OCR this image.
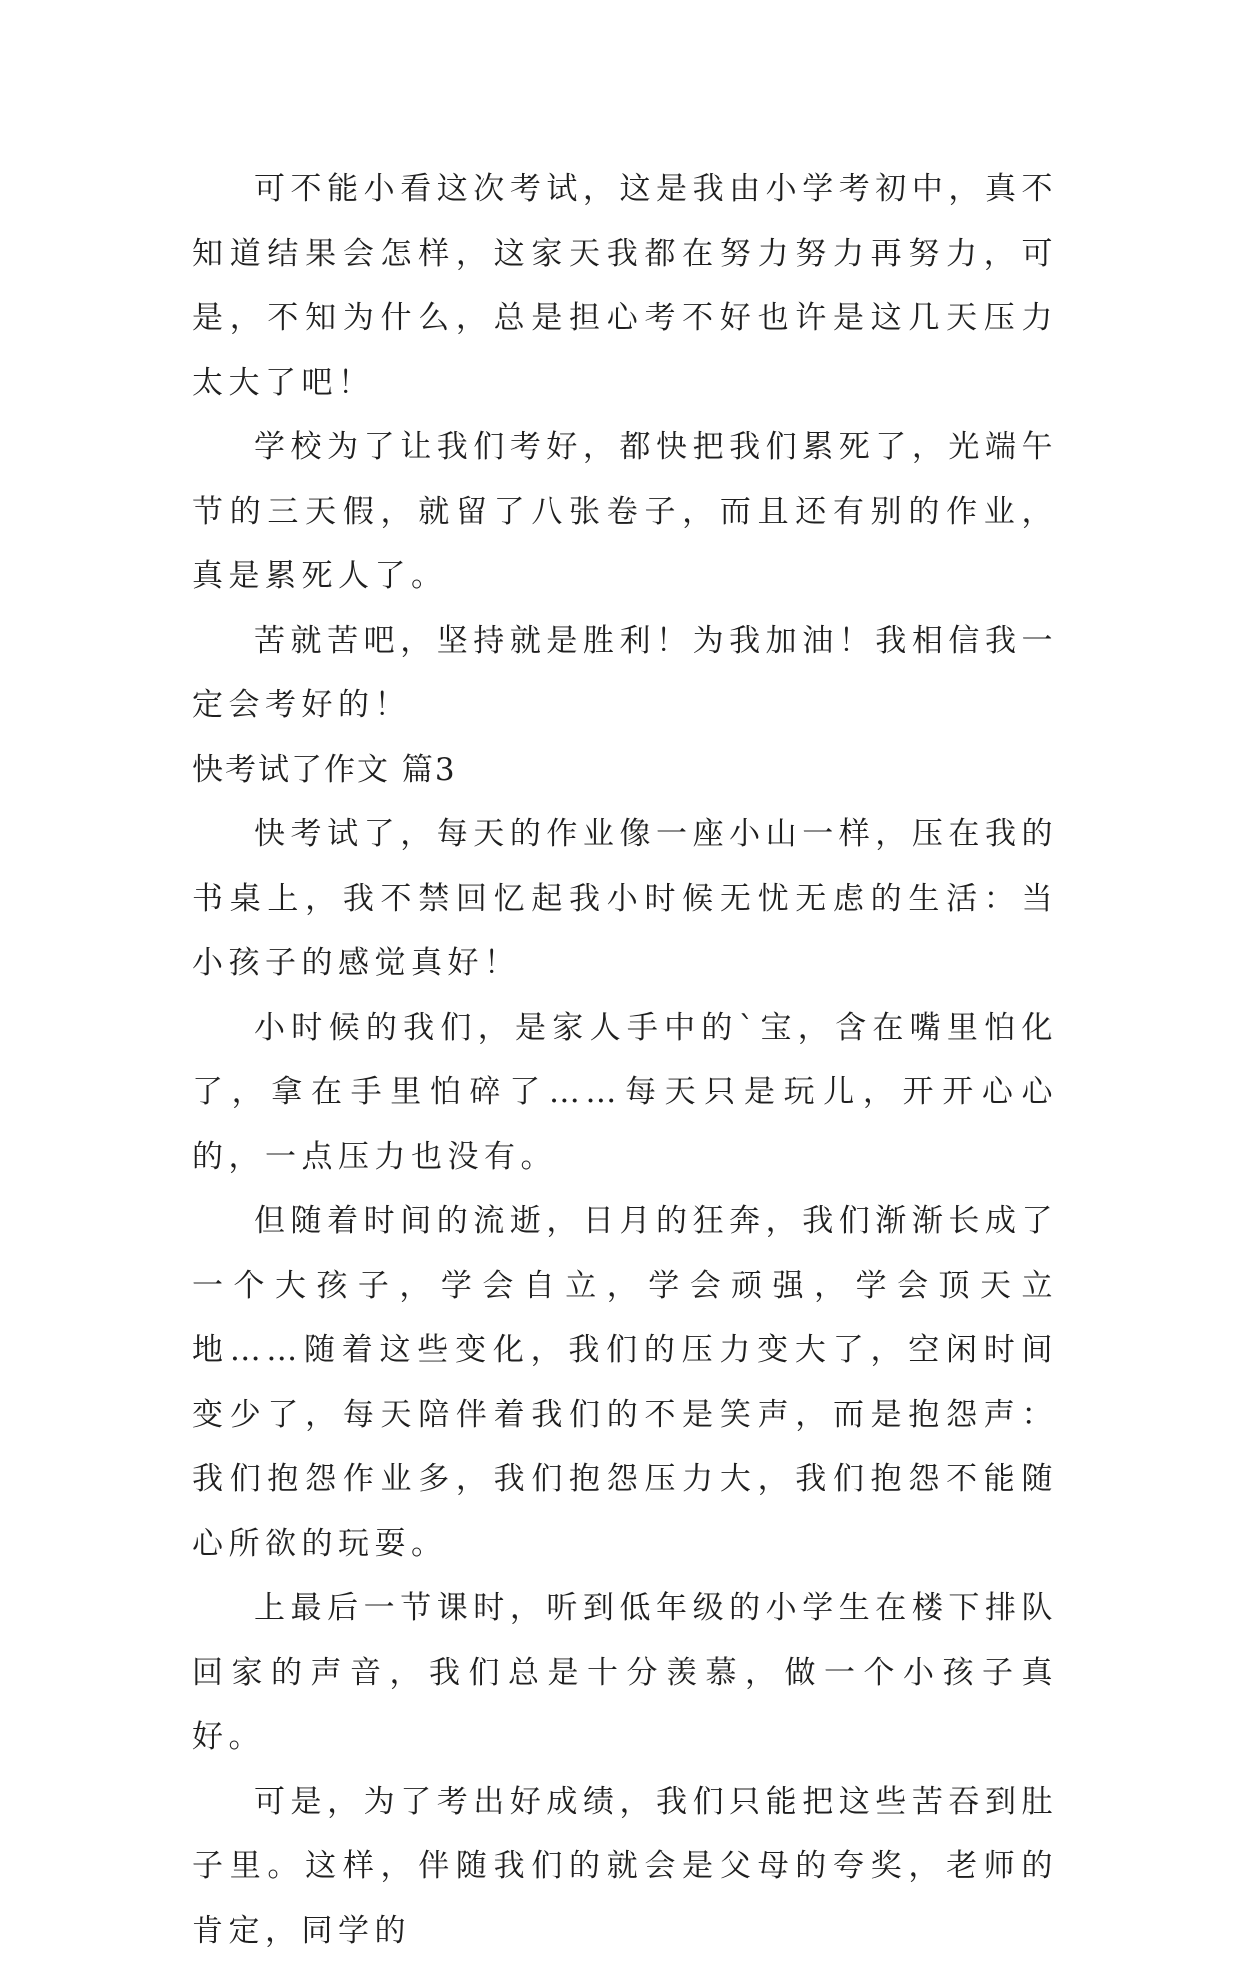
可不能小看这次考试，这是我由小学考初中，真不知道结果会怎样，这家天我都在努力努力再努力，可是，不知为什么，总是担心考不好也许是这几天压力太大了吧！

学校为了让我们考好，都快把我们累死了，光端午节的三天假，就留了八张卷子，而且还有别的作业，真是累死人了。

苦就苦吧，坚持就是胜利！为我加油！我相信我一定会考好的！

快考试了作文 篇3

快考试了，每天的作业像一座小山一样，压在我的书桌上，我不禁回忆起我小时候无忧无虑的生活：当小孩子的感觉真好！

小时候的我们，是家人手中的`宝，含在嘴里怕化了，拿在手里怕碎了……每天只是玩儿，开开心心的，一点压力也没有。

但随着时间的流逝，日月的狂奔，我们渐渐长成了一个大孩子，学会自立，学会顽强，学会顶天立地……随着这些变化，我们的压力变大了，空闲时间变少了，每天陪伴着我们的不是笑声，而是抱怨声：我们抱怨作业多，我们抱怨压力大，我们抱怨不能随心所欲的玩耍。

上最后一节课时，听到低年级的小学生在楼下排队回家的声音，我们总是十分羡慕，做一个小孩子真好。

可是，为了考出好成绩，我们只能把这些苦吞到肚子里。这样，伴随我们的就会是父母的夸奖，老师的肯定，同学的
